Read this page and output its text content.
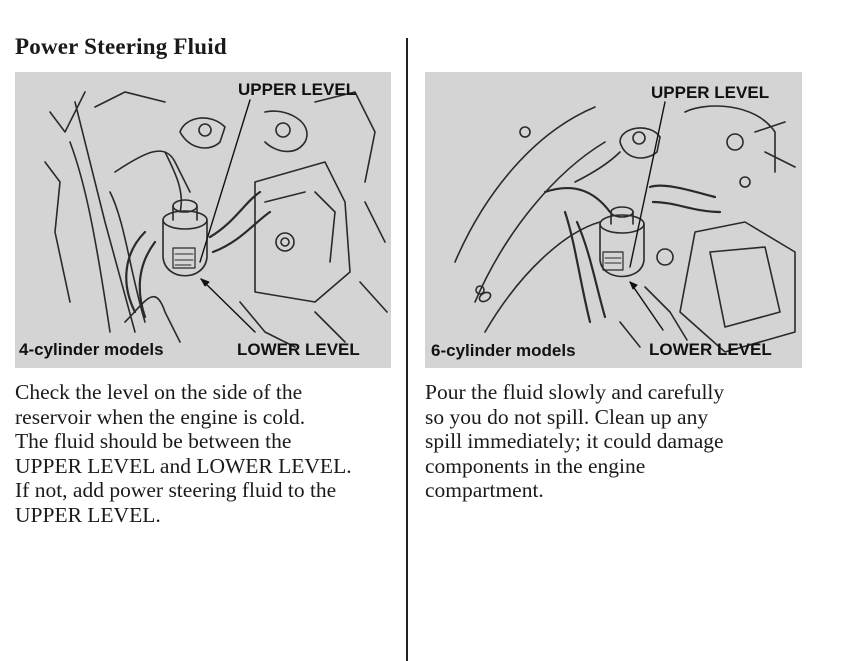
Power Steering Fluid
UPPER LEVEL
LOWER LEVEL
4-cylinder models
UPPER LEVEL
LOWER LEVEL
6-cylinder models
Check the level on the side of the
reservoir when the engine is cold.
The fluid should be between the
UPPER LEVEL and LOWER LEVEL.
If not, add power steering fluid to the
UPPER LEVEL.
Pour the fluid slowly and carefully
so you do not spill. Clean up any
spill immediately; it could damage
components in the engine
compartment.
